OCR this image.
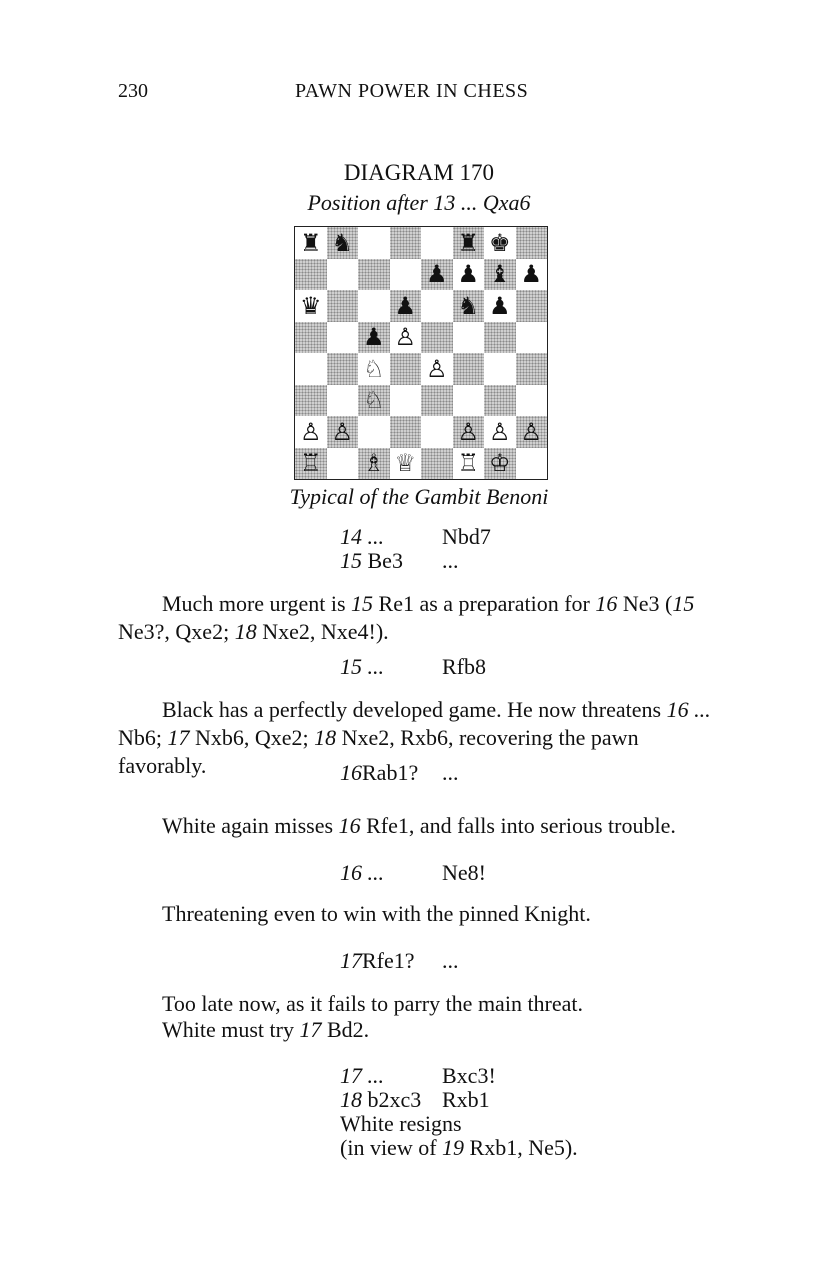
230	PAWN POWER IN CHESS
DIAGRAM 170
Position after 13 ... Qxa6
♜ ♞	♜ ♚
♟ ♟ ♝ ♟
♛	♟ ♞ ♟
♟ ♙
♘ ♙
♘
♙ ♙	♙ ♙ ♙
♖ ♗ ♕ ♖ ♔
Typical of the Gambit Benoni
14 ...	Nbd7
15 Be3 ...
Much more urgent is 15 Re1 as a preparation for 16 Ne3 (15 Ne3?, Qxe2; 18 Nxe2, Nxe4!).
15 ...	Rfb8
Black has a perfectly developed game. He now threatens 16 ... Nb6; 17 Nxb6, Qxe2; 18 Nxe2, Rxb6, recovering the pawn favorably.	16Rab1? ...
White again misses 16 Rfe1, and falls into serious trouble.
16 ...	Ne8!
Threatening even to win with the pinned Knight.
17Rfe1? ...
Too late now, as it fails to parry the main threat.
White must try 17 Bd2.
17 ...	Bxc3!
18 b2xc3 Rxb1
White resigns
(in view of 19 Rxb1, Ne5).
